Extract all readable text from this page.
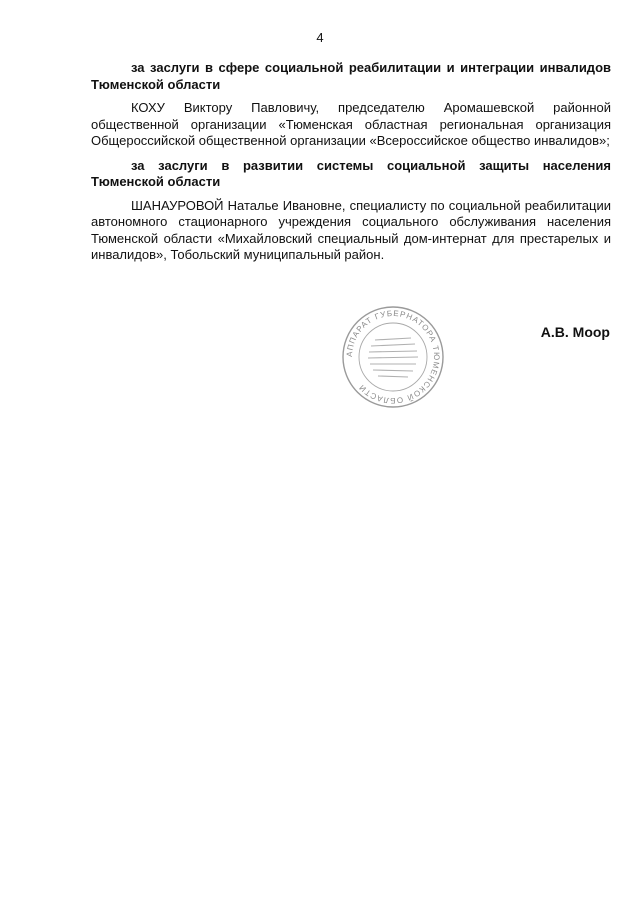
4

за заслуги в сфере социальной реабилитации и интеграции инвалидов Тюменской области

КОХУ Виктору Павловичу, председателю Аромашевской районной общественной организации «Тюменская областная региональная организация Общероссийской общественной организации «Всероссийское общество инвалидов»;

за заслуги в развитии системы социальной защиты населения Тюменской области

ШАНАУРОВОЙ Наталье Ивановне, специалисту по социальной реабилитации автономного стационарного учреждения социального обслуживания населения Тюменской области «Михайловский специальный дом-интернат для престарелых и инвалидов», Тобольский муниципальный район.

АППАРАТ ГУБЕРНАТОРА ТЮМЕНСКОЙ ОБЛАСТИ
А.В. Моор
